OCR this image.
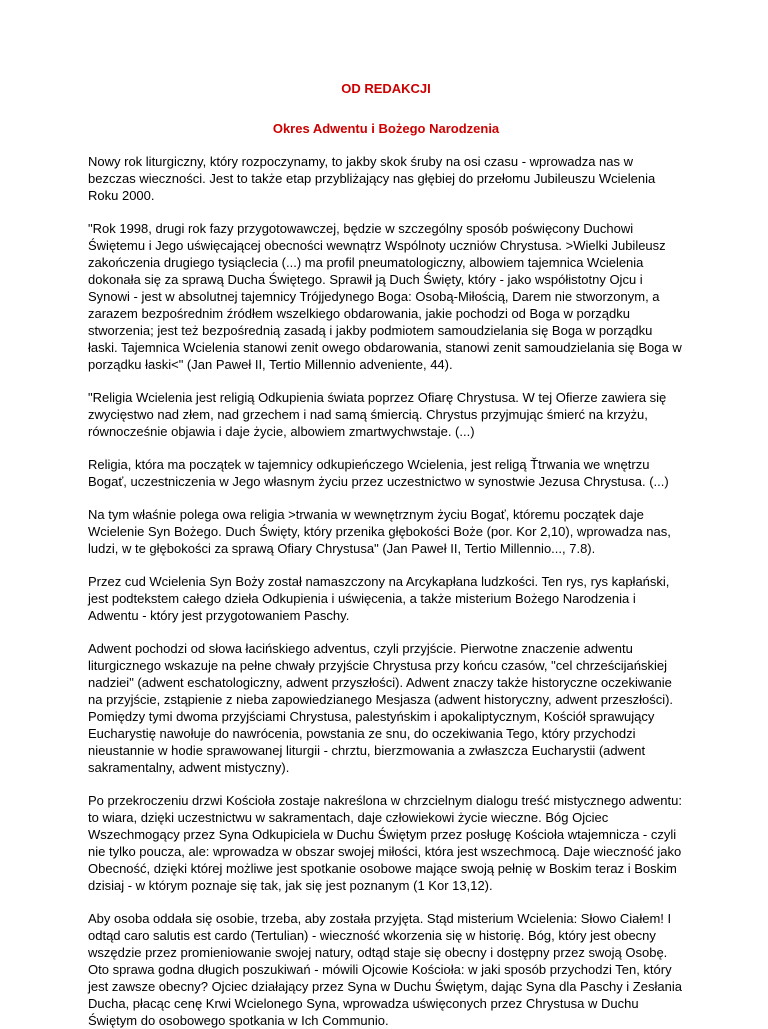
OD REDAKCJI

Okres Adwentu i Bożego Narodzenia

Nowy rok liturgiczny, który rozpoczynamy, to jakby skok śruby na osi czasu - wprowadza nas w bezczas wieczności. Jest to także etap przybliżający nas głębiej do przełomu Jubileuszu Wcielenia Roku 2000.

"Rok 1998, drugi rok fazy przygotowawczej, będzie w szczególny sposób poświęcony Duchowi Świętemu i Jego uświęcającej obecności wewnątrz Wspólnoty uczniów Chrystusa. >Wielki Jubileusz zakończenia drugiego tysiąclecia (...) ma profil pneumatologiczny, albowiem tajemnica Wcielenia dokonała się za sprawą Ducha Świętego. Sprawił ją Duch Święty, który - jako współistotny Ojcu i Synowi - jest w absolutnej tajemnicy Trójjedynego Boga: Osobą-Miłością, Darem nie stworzonym, a zarazem bezpośrednim źródłem wszelkiego obdarowania, jakie pochodzi od Boga w porządku stworzenia; jest też bezpośrednią zasadą i jakby podmiotem samoudzielania się Boga w porządku łaski. Tajemnica Wcielenia stanowi zenit owego obdarowania, stanowi zenit samoudzielania się Boga w porządku łaski<" (Jan Paweł II, Tertio Millennio adveniente, 44).

"Religia Wcielenia jest religią Odkupienia świata poprzez Ofiarę Chrystusa. W tej Ofierze zawiera się zwycięstwo nad złem, nad grzechem i nad samą śmiercią. Chrystus przyjmując śmierć na krzyżu, równocześnie objawia i daje życie, albowiem zmartwychwstaje. (...)

Religia, która ma początek w tajemnicy odkupieńczego Wcielenia, jest religą Ťtrwania we wnętrzu Bogať, uczestniczenia w Jego własnym życiu przez uczestnictwo w synostwie Jezusa Chrystusa. (...)

Na tym właśnie polega owa religia >trwania w wewnętrznym życiu Bogať, któremu początek daje Wcielenie Syn Bożego. Duch Święty, który przenika głębokości Boże (por. Kor 2,10), wprowadza nas, ludzi, w te głębokości za sprawą Ofiary Chrystusa" (Jan Paweł II, Tertio Millennio..., 7.8).

Przez cud Wcielenia Syn Boży został namaszczony na Arcykapłana ludzkości. Ten rys, rys kapłański, jest podtekstem całego dzieła Odkupienia i uświęcenia, a także misterium Bożego Narodzenia i Adwentu - który jest przygotowaniem Paschy.

Adwent pochodzi od słowa łacińskiego adventus, czyli przyjście. Pierwotne znaczenie adwentu liturgicznego wskazuje na pełne chwały przyjście Chrystusa przy końcu czasów, "cel chrześcijańskiej nadziei" (adwent eschatologiczny, adwent przyszłości). Adwent znaczy także historyczne oczekiwanie na przyjście, zstąpienie z nieba zapowiedzianego Mesjasza (adwent historyczny, adwent przeszłości). Pomiędzy tymi dwoma przyjściami Chrystusa, palestyńskim i apokaliptycznym, Kościół sprawujący Eucharystię nawołuje do nawrócenia, powstania ze snu, do oczekiwania Tego, który przychodzi nieustannie w hodie sprawowanej liturgii - chrztu, bierzmowania a zwłaszcza Eucharystii (adwent sakramentalny, adwent mistyczny).

Po przekroczeniu drzwi Kościoła zostaje nakreślona w chrzcielnym dialogu treść mistycznego adwentu: to wiara, dzięki uczestnictwu w sakramentach, daje człowiekowi życie wieczne. Bóg Ojciec Wszechmogący przez Syna Odkupiciela w Duchu Świętym przez posługę Kościoła wtajemnicza - czyli nie tylko poucza, ale: wprowadza w obszar swojej miłości, która jest wszechmocą. Daje wieczność jako Obecność, dzięki której możliwe jest spotkanie osobowe mające swoją pełnię w Boskim teraz i Boskim dzisiaj - w którym poznaje się tak, jak się jest poznanym (1 Kor 13,12).

Aby osoba oddała się osobie, trzeba, aby została przyjęta. Stąd misterium Wcielenia: Słowo Ciałem! I odtąd caro salutis est cardo (Tertulian) - wieczność wkorzenia się w historię. Bóg, który jest obecny wszędzie przez promieniowanie swojej natury, odtąd staje się obecny i dostępny przez swoją Osobę. Oto sprawa godna długich poszukiwań - mówili Ojcowie Kościoła: w jaki sposób przychodzi Ten, który jest zawsze obecny? Ojciec działający przez Syna w Duchu Świętym, dając Syna dla Paschy i Zesłania Ducha, płacąc cenę Krwi Wcielonego Syna, wprowadza uświęconych przez Chrystusa w Duchu Świętym do osobowego spotkania w Ich Communio.
